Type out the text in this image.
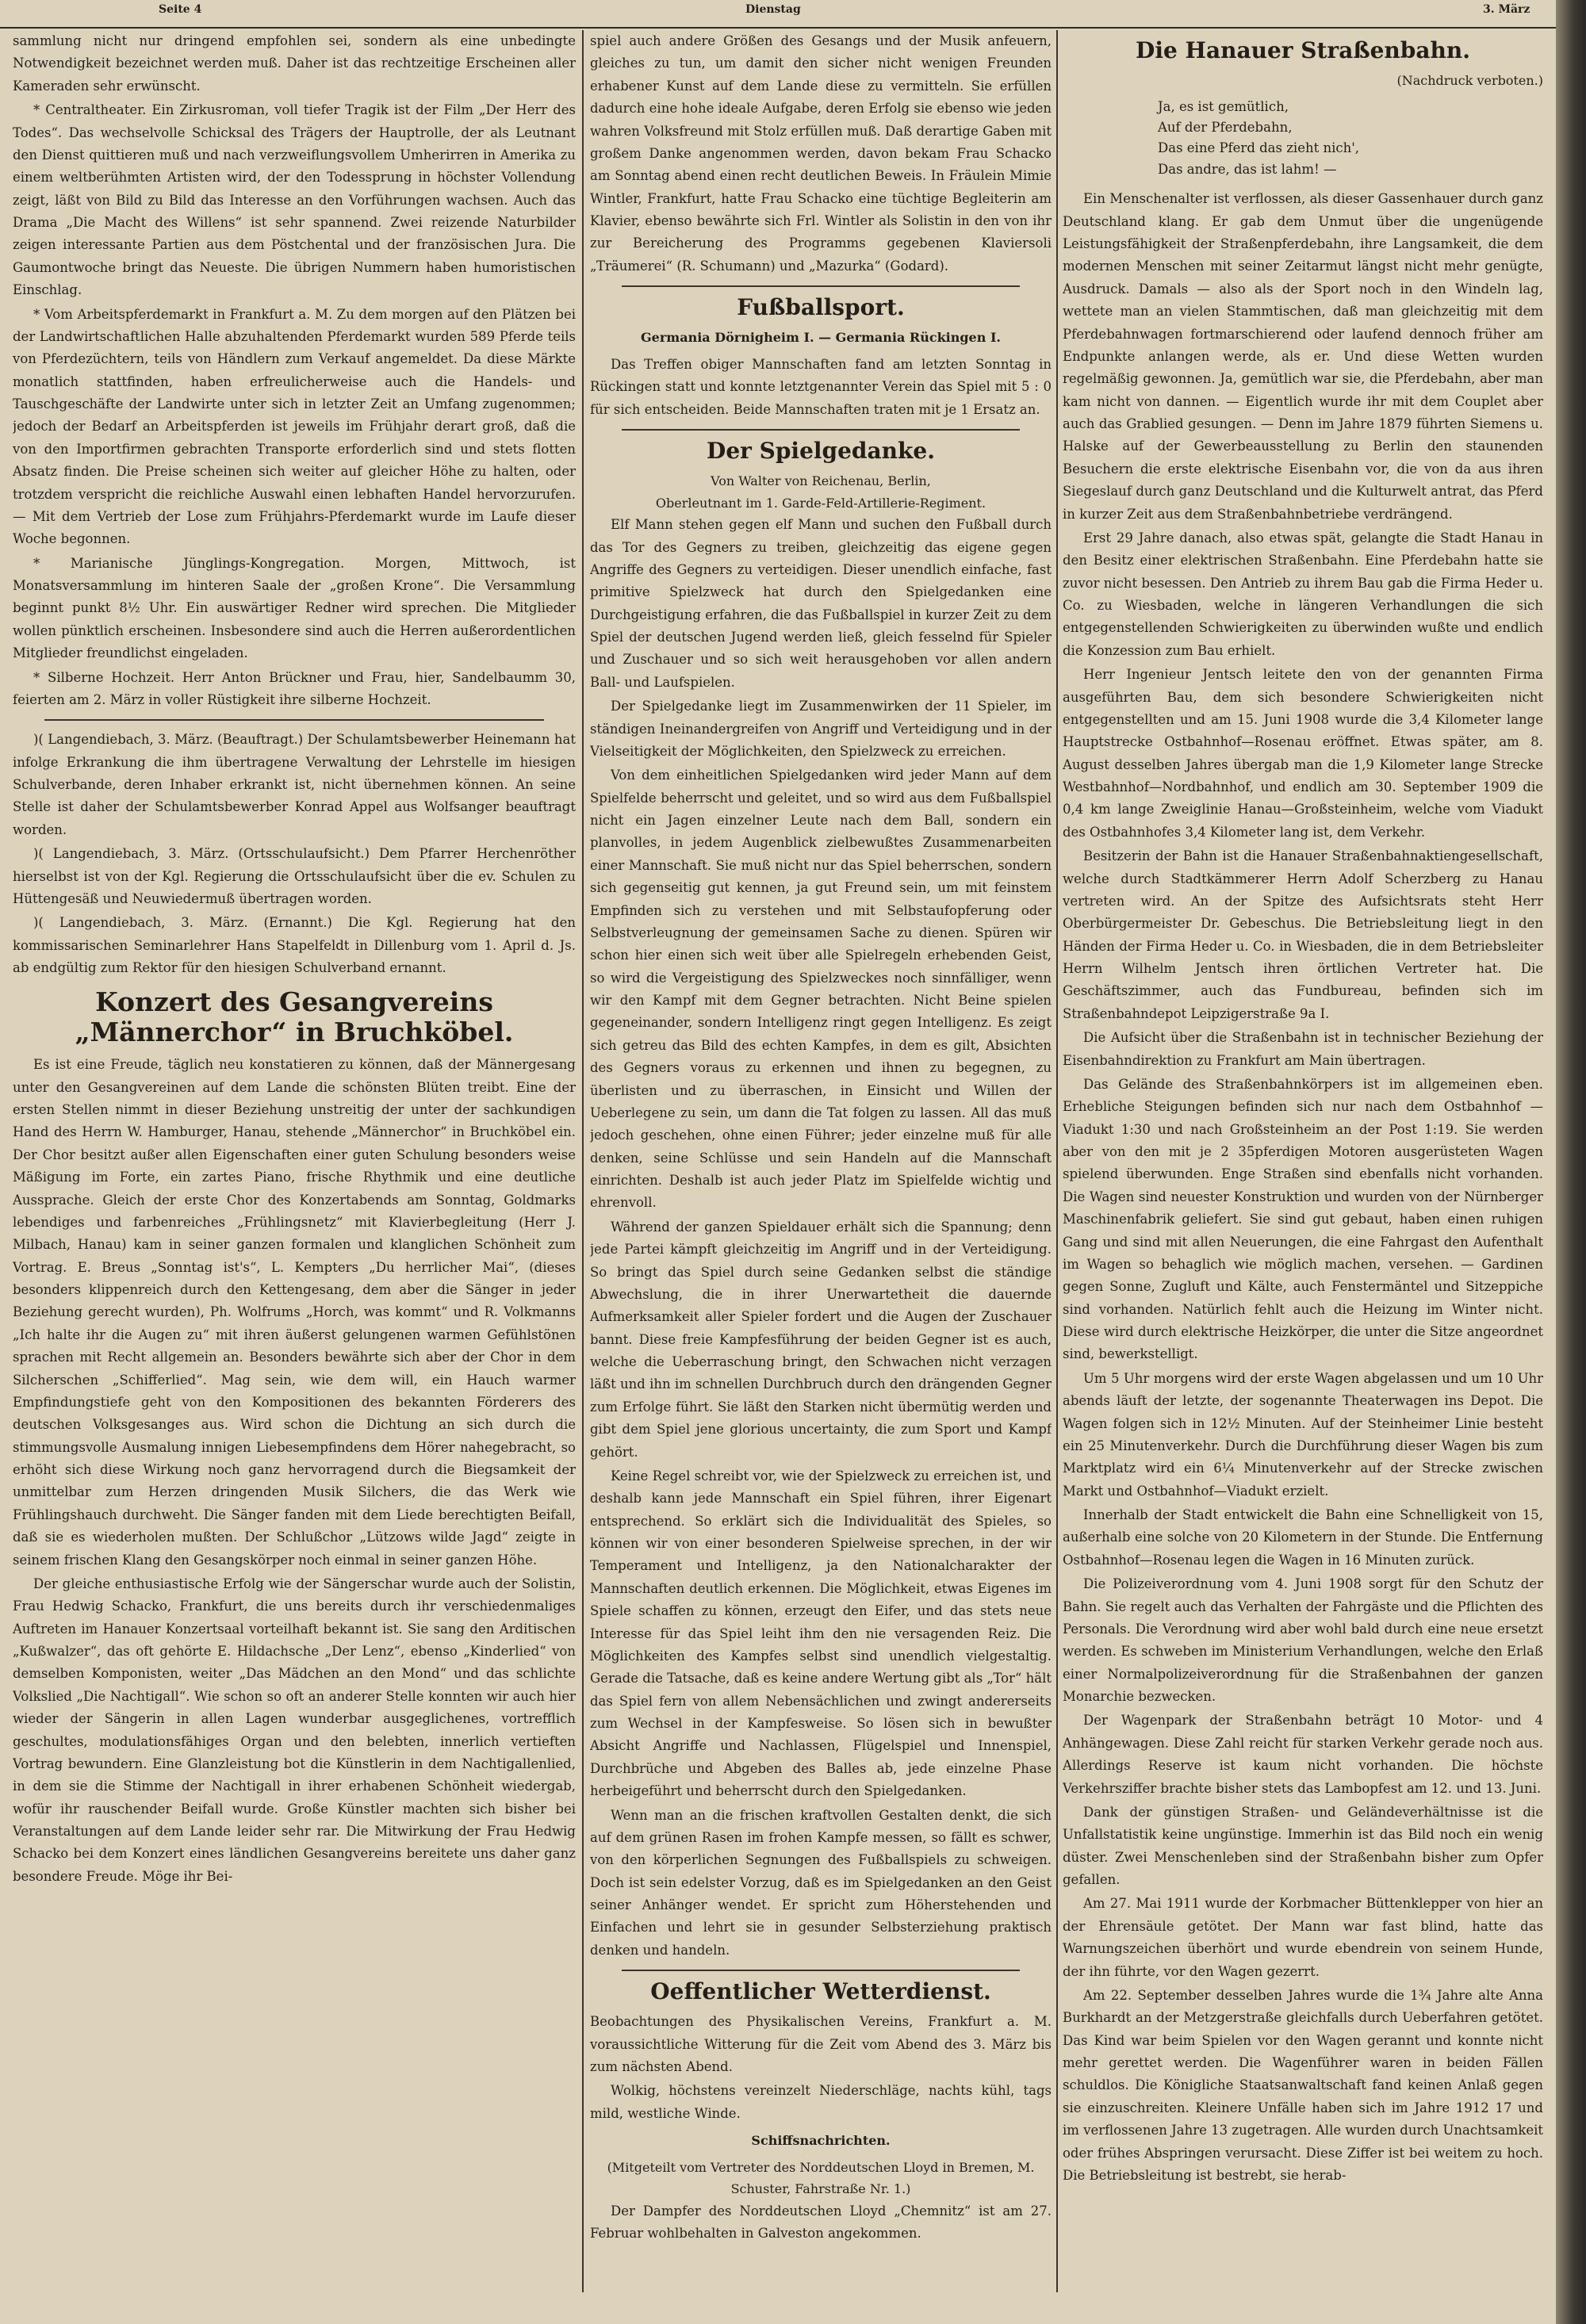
Seite 4	Dienstag	3. März

sammlung nicht nur dringend empfohlen sei, sondern als eine unbedingte Notwendigkeit bezeichnet werden muß. Daher ist das rechtzeitige Erscheinen aller Kameraden sehr erwünscht.

* Centraltheater. Ein Zirkusroman, voll tiefer Tragik ist der Film „Der Herr des Todes“. Das wechselvolle Schicksal des Trägers der Hauptrolle, der als Leutnant den Dienst quittieren muß und nach verzweiflungsvollem Umherirren in Amerika zu einem weltberühmten Artisten wird, der den Todessprung in höchster Vollendung zeigt, läßt von Bild zu Bild das Interesse an den Vorführungen wachsen. Auch das Drama „Die Macht des Willens“ ist sehr spannend. Zwei reizende Naturbilder zeigen interessante Partien aus dem Pöstchental und der französischen Jura. Die Gaumontwoche bringt das Neueste. Die übrigen Nummern haben humoristischen Einschlag.

* Vom Arbeitspferdemarkt in Frankfurt a. M. Zu dem morgen auf den Plätzen bei der Landwirtschaftlichen Halle abzuhaltenden Pferdemarkt wurden 589 Pferde teils von Pferdezüchtern, teils von Händlern zum Verkauf angemeldet. Da diese Märkte monatlich stattfinden, haben erfreulicherweise auch die Handels- und Tauschgeschäfte der Landwirte unter sich in letzter Zeit an Umfang zugenommen; jedoch der Bedarf an Arbeitspferden ist jeweils im Frühjahr derart groß, daß die von den Importfirmen gebrachten Transporte erforderlich sind und stets flotten Absatz finden. Die Preise scheinen sich weiter auf gleicher Höhe zu halten, oder trotzdem verspricht die reichliche Auswahl einen lebhaften Handel hervorzurufen. — Mit dem Vertrieb der Lose zum Frühjahrs-Pferdemarkt wurde im Laufe dieser Woche begonnen.

* Marianische Jünglings-Kongregation. Morgen, Mittwoch, ist Monatsversammlung im hinteren Saale der „großen Krone“. Die Versammlung beginnt punkt 8½ Uhr. Ein auswärtiger Redner wird sprechen. Die Mitglieder wollen pünktlich erscheinen. Insbesondere sind auch die Herren außerordentlichen Mitglieder freundlichst eingeladen.

* Silberne Hochzeit. Herr Anton Brückner und Frau, hier, Sandelbaumm 30, feierten am 2. März in voller Rüstigkeit ihre silberne Hochzeit.

)( Langendiebach, 3. März. (Beauftragt.) Der Schulamtsbewerber Heinemann hat infolge Erkrankung die ihm übertragene Verwaltung der Lehrstelle im hiesigen Schulverbande, deren Inhaber erkrankt ist, nicht übernehmen können. An seine Stelle ist daher der Schulamtsbewerber Konrad Appel aus Wolfsanger beauftragt worden.

)( Langendiebach, 3. März. (Ortsschulaufsicht.) Dem Pfarrer Herchenröther hierselbst ist von der Kgl. Regierung die Ortsschulaufsicht über die ev. Schulen zu Hüttengesäß und Neuwiedermuß übertragen worden.

)( Langendiebach, 3. März. (Ernannt.) Die Kgl. Regierung hat den kommissarischen Seminarlehrer Hans Stapelfeldt in Dillenburg vom 1. April d. Js. ab endgültig zum Rektor für den hiesigen Schulverband ernannt.

Konzert des Gesangvereins „Männerchor“ in Bruchköbel.

Es ist eine Freude, täglich neu konstatieren zu können, daß der Männergesang unter den Gesangvereinen auf dem Lande die schönsten Blüten treibt. Eine der ersten Stellen nimmt in dieser Beziehung unstreitig der unter der sachkundigen Hand des Herrn W. Hamburger, Hanau, stehende „Männerchor“ in Bruchköbel ein. Der Chor besitzt außer allen Eigenschaften einer guten Schulung besonders weise Mäßigung im Forte, ein zartes Piano, frische Rhythmik und eine deutliche Aussprache. Gleich der erste Chor des Konzertabends am Sonntag, Goldmarks lebendiges und farbenreiches „Frühlingsnetz“ mit Klavierbegleitung (Herr J. Milbach, Hanau) kam in seiner ganzen formalen und klanglichen Schönheit zum Vortrag. E. Breus „Sonntag ist's“, L. Kempters „Du herrlicher Mai“, (dieses besonders klippenreich durch den Kettengesang, dem aber die Sänger in jeder Beziehung gerecht wurden), Ph. Wolfrums „Horch, was kommt“ und R. Volkmanns „Ich halte ihr die Augen zu“ mit ihren äußerst gelungenen warmen Gefühlstönen sprachen mit Recht allgemein an. Besonders bewährte sich aber der Chor in dem Silcherschen „Schifferlied“. Mag sein, wie dem will, ein Hauch warmer Empfindungstiefe geht von den Kompositionen des bekannten Förderers des deutschen Volksgesanges aus. Wird schon die Dichtung an sich durch die stimmungsvolle Ausmalung innigen Liebesempfindens dem Hörer nahegebracht, so erhöht sich diese Wirkung noch ganz hervorragend durch die Biegsamkeit der unmittelbar zum Herzen dringenden Musik Silchers, die das Werk wie Frühlingshauch durchweht. Die Sänger fanden mit dem Liede berechtigten Beifall, daß sie es wiederholen mußten. Der Schlußchor „Lützows wilde Jagd“ zeigte in seinem frischen Klang den Gesangskörper noch einmal in seiner ganzen Höhe.

Der gleiche enthusiastische Erfolg wie der Sängerschar wurde auch der Solistin, Frau Hedwig Schacko, Frankfurt, die uns bereits durch ihr verschiedenmaliges Auftreten im Hanauer Konzertsaal vorteilhaft bekannt ist. Sie sang den Arditischen „Kußwalzer“, das oft gehörte E. Hildachsche „Der Lenz“, ebenso „Kinderlied“ von demselben Komponisten, weiter „Das Mädchen an den Mond“ und das schlichte Volkslied „Die Nachtigall“. Wie schon so oft an anderer Stelle konnten wir auch hier wieder der Sängerin in allen Lagen wunderbar ausgeglichenes, vortrefflich geschultes, modulationsfähiges Organ und den belebten, innerlich vertieften Vortrag bewundern. Eine Glanzleistung bot die Künstlerin in dem Nachtigallenlied, in dem sie die Stimme der Nachtigall in ihrer erhabenen Schönheit wiedergab, wofür ihr rauschender Beifall wurde. Große Künstler machten sich bisher bei Veranstaltungen auf dem Lande leider sehr rar. Die Mitwirkung der Frau Hedwig Schacko bei dem Konzert eines ländlichen Gesangvereins bereitete uns daher ganz besondere Freude. Möge ihr Bei-

spiel auch andere Größen des Gesangs und der Musik anfeuern, gleiches zu tun, um damit den sicher nicht wenigen Freunden erhabener Kunst auf dem Lande diese zu vermitteln. Sie erfüllen dadurch eine hohe ideale Aufgabe, deren Erfolg sie ebenso wie jeden wahren Volksfreund mit Stolz erfüllen muß. Daß derartige Gaben mit großem Danke angenommen werden, davon bekam Frau Schacko am Sonntag abend einen recht deutlichen Beweis. In Fräulein Mimie Wintler, Frankfurt, hatte Frau Schacko eine tüchtige Begleiterin am Klavier, ebenso bewährte sich Frl. Wintler als Solistin in den von ihr zur Bereicherung des Programms gegebenen Klaviersoli „Träumerei“ (R. Schumann) und „Mazurka“ (Godard).

Fußballsport.
Germania Dörnigheim I. — Germania Rückingen I.

Das Treffen obiger Mannschaften fand am letzten Sonntag in Rückingen statt und konnte letztgenannter Verein das Spiel mit 5 : 0 für sich entscheiden. Beide Mannschaften traten mit je 1 Ersatz an.

Der Spielgedanke.
Von Walter von Reichenau, Berlin,
Oberleutnant im 1. Garde-Feld-Artillerie-Regiment.

Elf Mann stehen gegen elf Mann und suchen den Fußball durch das Tor des Gegners zu treiben, gleichzeitig das eigene gegen Angriffe des Gegners zu verteidigen. Dieser unendlich einfache, fast primitive Spielzweck hat durch den Spielgedanken eine Durchgeistigung erfahren, die das Fußballspiel in kurzer Zeit zu dem Spiel der deutschen Jugend werden ließ, gleich fesselnd für Spieler und Zuschauer und so sich weit herausgehoben vor allen andern Ball- und Laufspielen.

Der Spielgedanke liegt im Zusammenwirken der 11 Spieler, im ständigen Ineinandergreifen von Angriff und Verteidigung und in der Vielseitigkeit der Möglichkeiten, den Spielzweck zu erreichen.

Von dem einheitlichen Spielgedanken wird jeder Mann auf dem Spielfelde beherrscht und geleitet, und so wird aus dem Fußballspiel nicht ein Jagen einzelner Leute nach dem Ball, sondern ein planvolles, in jedem Augenblick zielbewußtes Zusammenarbeiten einer Mannschaft. Sie muß nicht nur das Spiel beherrschen, sondern sich gegenseitig gut kennen, ja gut Freund sein, um mit feinstem Empfinden sich zu verstehen und mit Selbstaufopferung oder Selbstverleugnung der gemeinsamen Sache zu dienen. Spüren wir schon hier einen sich weit über alle Spielregeln erhebenden Geist, so wird die Vergeistigung des Spielzweckes noch sinnfälliger, wenn wir den Kampf mit dem Gegner betrachten. Nicht Beine spielen gegeneinander, sondern Intelligenz ringt gegen Intelligenz. Es zeigt sich getreu das Bild des echten Kampfes, in dem es gilt, Absichten des Gegners voraus zu erkennen und ihnen zu begegnen, zu überlisten und zu überraschen, in Einsicht und Willen der Ueberlegene zu sein, um dann die Tat folgen zu lassen. All das muß jedoch geschehen, ohne einen Führer; jeder einzelne muß für alle denken, seine Schlüsse und sein Handeln auf die Mannschaft einrichten. Deshalb ist auch jeder Platz im Spielfelde wichtig und ehrenvoll.

Während der ganzen Spieldauer erhält sich die Spannung; denn jede Partei kämpft gleichzeitig im Angriff und in der Verteidigung. So bringt das Spiel durch seine Gedanken selbst die ständige Abwechslung, die in ihrer Unerwartetheit die dauernde Aufmerksamkeit aller Spieler fordert und die Augen der Zuschauer bannt. Diese freie Kampfesführung der beiden Gegner ist es auch, welche die Ueberraschung bringt, den Schwachen nicht verzagen läßt und ihn im schnellen Durchbruch durch den drängenden Gegner zum Erfolge führt. Sie läßt den Starken nicht übermütig werden und gibt dem Spiel jene glorious uncertainty, die zum Sport und Kampf gehört.

Keine Regel schreibt vor, wie der Spielzweck zu erreichen ist, und deshalb kann jede Mannschaft ein Spiel führen, ihrer Eigenart entsprechend. So erklärt sich die Individualität des Spieles, so können wir von einer besonderen Spielweise sprechen, in der wir Temperament und Intelligenz, ja den Nationalcharakter der Mannschaften deutlich erkennen. Die Möglichkeit, etwas Eigenes im Spiele schaffen zu können, erzeugt den Eifer, und das stets neue Interesse für das Spiel leiht ihm den nie versagenden Reiz. Die Möglichkeiten des Kampfes selbst sind unendlich vielgestaltig. Gerade die Tatsache, daß es keine andere Wertung gibt als „Tor“ hält das Spiel fern von allem Nebensächlichen und zwingt andererseits zum Wechsel in der Kampfesweise. So lösen sich in bewußter Absicht Angriffe und Nachlassen, Flügelspiel und Innenspiel, Durchbrüche und Abgeben des Balles ab, jede einzelne Phase herbeigeführt und beherrscht durch den Spielgedanken.

Wenn man an die frischen kraftvollen Gestalten denkt, die sich auf dem grünen Rasen im frohen Kampfe messen, so fällt es schwer, von den körperlichen Segnungen des Fußballspiels zu schweigen. Doch ist sein edelster Vorzug, daß es im Spielgedanken an den Geist seiner Anhänger wendet. Er spricht zum Höherstehenden und Einfachen und lehrt sie in gesunder Selbsterziehung praktisch denken und handeln.

Oeffentlicher Wetterdienst.

Beobachtungen des Physikalischen Vereins, Frankfurt a. M. voraussichtliche Witterung für die Zeit vom Abend des 3. März bis zum nächsten Abend.

Wolkig, höchstens vereinzelt Niederschläge, nachts kühl, tags mild, westliche Winde.

Schiffsnachrichten.
(Mitgeteilt vom Vertreter des Norddeutschen Lloyd in Bremen, M. Schuster, Fahrstraße Nr. 1.)

Der Dampfer des Norddeutschen Lloyd „Chemnitz“ ist am 27. Februar wohlbehalten in Galveston angekommen.

Die Hanauer Straßenbahn.
(Nachdruck verboten.)
Ja, es ist gemütlich,
Auf der Pferdebahn,
Das eine Pferd das zieht nich',
Das andre, das ist lahm! —

Ein Menschenalter ist verflossen, als dieser Gassenhauer durch ganz Deutschland klang. Er gab dem Unmut über die ungenügende Leistungsfähigkeit der Straßenpferdebahn, ihre Langsamkeit, die dem modernen Menschen mit seiner Zeitarmut längst nicht mehr genügte, Ausdruck. Damals — also als der Sport noch in den Windeln lag, wettete man an vielen Stammtischen, daß man gleichzeitig mit dem Pferdebahnwagen fortmarschierend oder laufend dennoch früher am Endpunkte anlangen werde, als er. Und diese Wetten wurden regelmäßig gewonnen. Ja, gemütlich war sie, die Pferdebahn, aber man kam nicht von dannen. — Eigentlich wurde ihr mit dem Couplet aber auch das Grablied gesungen. — Denn im Jahre 1879 führten Siemens u. Halske auf der Gewerbeausstellung zu Berlin den staunenden Besuchern die erste elektrische Eisenbahn vor, die von da aus ihren Siegeslauf durch ganz Deutschland und die Kulturwelt antrat, das Pferd in kurzer Zeit aus dem Straßenbahnbetriebe verdrängend.

Erst 29 Jahre danach, also etwas spät, gelangte die Stadt Hanau in den Besitz einer elektrischen Straßenbahn. Eine Pferdebahn hatte sie zuvor nicht besessen. Den Antrieb zu ihrem Bau gab die Firma Heder u. Co. zu Wiesbaden, welche in längeren Verhandlungen die sich entgegenstellenden Schwierigkeiten zu überwinden wußte und endlich die Konzession zum Bau erhielt.

Herr Ingenieur Jentsch leitete den von der genannten Firma ausgeführten Bau, dem sich besondere Schwierigkeiten nicht entgegenstellten und am 15. Juni 1908 wurde die 3,4 Kilometer lange Hauptstrecke Ostbahnhof—Rosenau eröffnet. Etwas später, am 8. August desselben Jahres übergab man die 1,9 Kilometer lange Strecke Westbahnhof—Nordbahnhof, und endlich am 30. September 1909 die 0,4 km lange Zweiglinie Hanau—Großsteinheim, welche vom Viadukt des Ostbahnhofes 3,4 Kilometer lang ist, dem Verkehr.

Besitzerin der Bahn ist die Hanauer Straßenbahnaktiengesellschaft, welche durch Stadtkämmerer Herrn Adolf Scherzberg zu Hanau vertreten wird. An der Spitze des Aufsichtsrats steht Herr Oberbürgermeister Dr. Gebeschus. Die Betriebsleitung liegt in den Händen der Firma Heder u. Co. in Wiesbaden, die in dem Betriebsleiter Herrn Wilhelm Jentsch ihren örtlichen Vertreter hat. Die Geschäftszimmer, auch das Fundbureau, befinden sich im Straßenbahndepot Leipzigerstraße 9a I.

Die Aufsicht über die Straßenbahn ist in technischer Beziehung der Eisenbahndirektion zu Frankfurt am Main übertragen.

Das Gelände des Straßenbahnkörpers ist im allgemeinen eben. Erhebliche Steigungen befinden sich nur nach dem Ostbahnhof — Viadukt 1:30 und nach Großsteinheim an der Post 1:19. Sie werden aber von den mit je 2 35pferdigen Motoren ausgerüsteten Wagen spielend überwunden. Enge Straßen sind ebenfalls nicht vorhanden. Die Wagen sind neuester Konstruktion und wurden von der Nürnberger Maschinenfabrik geliefert. Sie sind gut gebaut, haben einen ruhigen Gang und sind mit allen Neuerungen, die eine Fahrgast den Aufenthalt im Wagen so behaglich wie möglich machen, versehen. — Gardinen gegen Sonne, Zugluft und Kälte, auch Fenstermäntel und Sitzeppiche sind vorhanden. Natürlich fehlt auch die Heizung im Winter nicht. Diese wird durch elektrische Heizkörper, die unter die Sitze angeordnet sind, bewerkstelligt.

Um 5 Uhr morgens wird der erste Wagen abgelassen und um 10 Uhr abends läuft der letzte, der sogenannte Theaterwagen ins Depot. Die Wagen folgen sich in 12½ Minuten. Auf der Steinheimer Linie besteht ein 25 Minutenverkehr. Durch die Durchführung dieser Wagen bis zum Marktplatz wird ein 6¼ Minutenverkehr auf der Strecke zwischen Markt und Ostbahnhof—Viadukt erzielt.

Innerhalb der Stadt entwickelt die Bahn eine Schnelligkeit von 15, außerhalb eine solche von 20 Kilometern in der Stunde. Die Entfernung Ostbahnhof—Rosenau legen die Wagen in 16 Minuten zurück.

Die Polizeiverordnung vom 4. Juni 1908 sorgt für den Schutz der Bahn. Sie regelt auch das Verhalten der Fahrgäste und die Pflichten des Personals. Die Verordnung wird aber wohl bald durch eine neue ersetzt werden. Es schweben im Ministerium Verhandlungen, welche den Erlaß einer Normalpolizeiverordnung für die Straßenbahnen der ganzen Monarchie bezwecken.

Der Wagenpark der Straßenbahn beträgt 10 Motor- und 4 Anhängewagen. Diese Zahl reicht für starken Verkehr gerade noch aus. Allerdings Reserve ist kaum nicht vorhanden. Die höchste Verkehrsziffer brachte bisher stets das Lambopfest am 12. und 13. Juni.

Dank der günstigen Straßen- und Geländeverhältnisse ist die Unfallstatistik keine ungünstige. Immerhin ist das Bild noch ein wenig düster. Zwei Menschenleben sind der Straßenbahn bisher zum Opfer gefallen.

Am 27. Mai 1911 wurde der Korbmacher Büttenklepper von hier an der Ehrensäule getötet. Der Mann war fast blind, hatte das Warnungszeichen überhört und wurde ebendrein von seinem Hunde, der ihn führte, vor den Wagen gezerrt.

Am 22. September desselben Jahres wurde die 1¾ Jahre alte Anna Burkhardt an der Metzgerstraße gleichfalls durch Ueberfahren getötet. Das Kind war beim Spielen vor den Wagen gerannt und konnte nicht mehr gerettet werden. Die Wagenführer waren in beiden Fällen schuldlos. Die Königliche Staatsanwaltschaft fand keinen Anlaß gegen sie einzuschreiten. Kleinere Unfälle haben sich im Jahre 1912 17 und im verflossenen Jahre 13 zugetragen. Alle wurden durch Unachtsamkeit oder frühes Abspringen verursacht. Diese Ziffer ist bei weitem zu hoch. Die Betriebsleitung ist bestrebt, sie herab-
